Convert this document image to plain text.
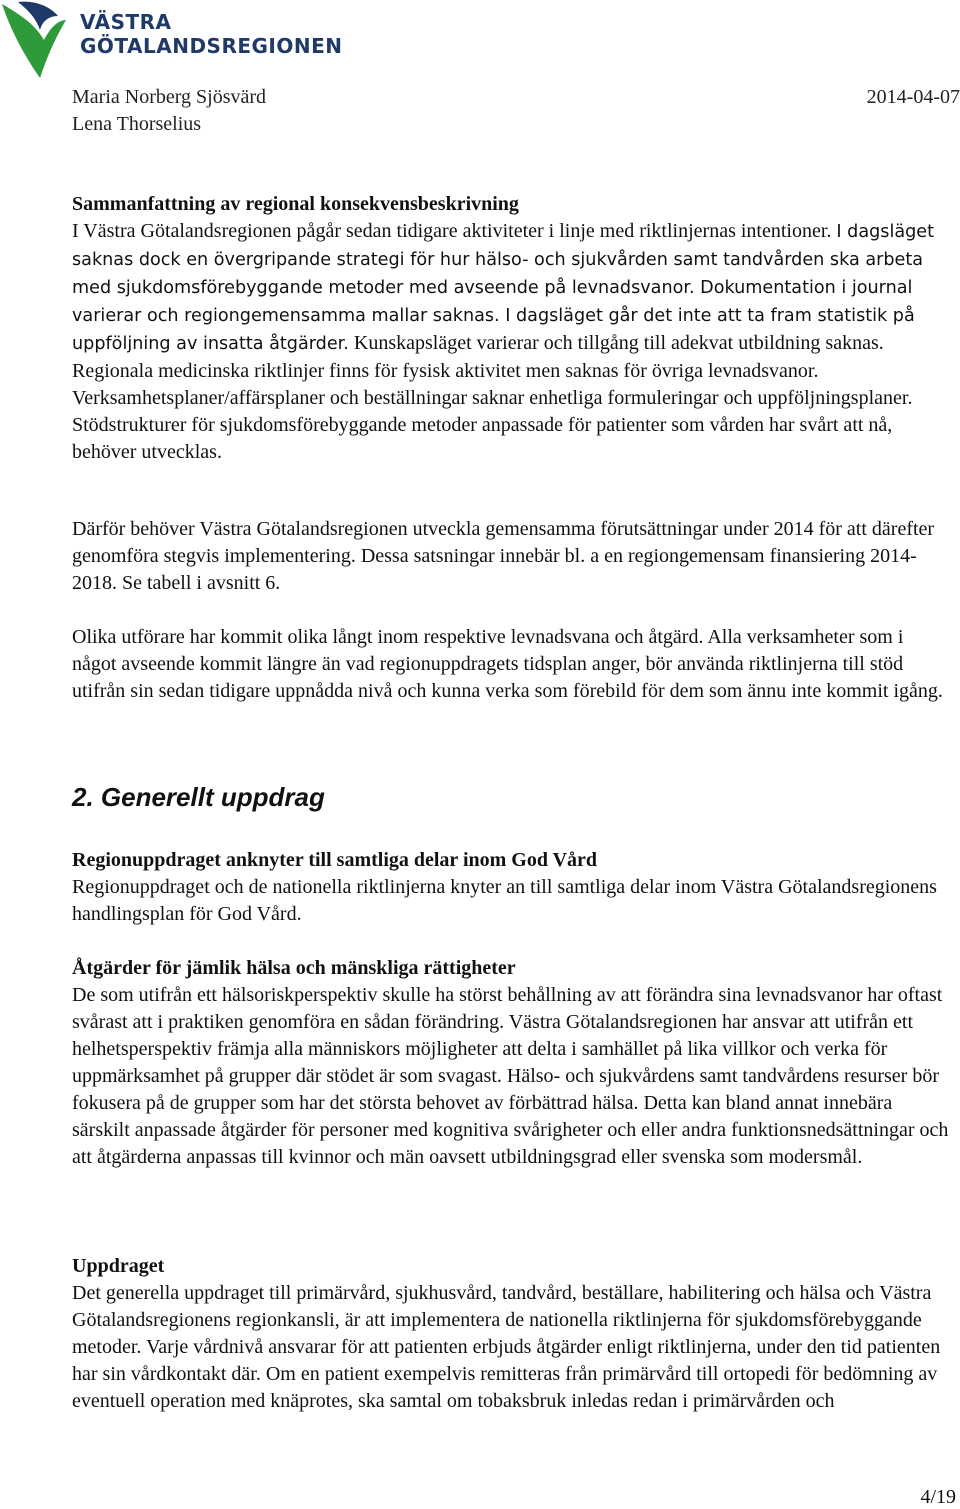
VÄSTRA
GÖTALANDSREGIONEN
Maria Norberg Sjösvärd
Lena Thorselius
2014-04-07

Sammanfattning av regional konsekvensbeskrivning

I Västra Götalandsregionen pågår sedan tidigare aktiviteter i linje med riktlinjernas intentioner. I dagsläget saknas dock en övergripande strategi för hur hälso- och sjukvården samt tandvården ska arbeta med sjukdomsförebyggande metoder med avseende på levnadsvanor. Dokumentation i journal varierar och regiongemensamma mallar saknas. I dagsläget går det inte att ta fram statistik på uppföljning av insatta åtgärder. Kunskapsläget varierar och tillgång till adekvat utbildning saknas. Regionala medicinska riktlinjer finns för fysisk aktivitet men saknas för övriga levnadsvanor. Verksamhetsplaner/affärsplaner och beställningar saknar enhetliga formuleringar och uppföljningsplaner. Stödstrukturer för sjukdomsförebyggande metoder anpassade för patienter som vården har svårt att nå, behöver utvecklas.

Därför behöver Västra Götalandsregionen utveckla gemensamma förutsättningar under 2014 för att därefter genomföra stegvis implementering. Dessa satsningar innebär bl. a en regiongemensam finansiering 2014-2018. Se tabell i avsnitt 6.

Olika utförare har kommit olika långt inom respektive levnadsvana och åtgärd. Alla verksamheter som i något avseende kommit längre än vad regionuppdragets tidsplan anger, bör använda riktlinjerna till stöd utifrån sin sedan tidigare uppnådda nivå och kunna verka som förebild för dem som ännu inte kommit igång.

2. Generellt uppdrag

Regionuppdraget anknyter till samtliga delar inom God Vård

Regionuppdraget och de nationella riktlinjerna knyter an till samtliga delar inom Västra Götalandsregionens handlingsplan för God Vård.

Åtgärder för jämlik hälsa och mänskliga rättigheter

De som utifrån ett hälsoriskperspektiv skulle ha störst behållning av att förändra sina levnadsvanor har oftast svårast att i praktiken genomföra en sådan förändring. Västra Götalandsregionen har ansvar att utifrån ett helhetsperspektiv främja alla människors möjligheter att delta i samhället på lika villkor och verka för uppmärksamhet på grupper där stödet är som svagast. Hälso- och sjukvårdens samt tandvårdens resurser bör fokusera på de grupper som har det största behovet av förbättrad hälsa. Detta kan bland annat innebära särskilt anpassade åtgärder för personer med kognitiva svårigheter och eller andra funktionsnedsättningar och att åtgärderna anpassas till kvinnor och män oavsett utbildningsgrad eller svenska som modersmål.

Uppdraget

Det generella uppdraget till primärvård, sjukhusvård, tandvård, beställare, habilitering och hälsa och Västra Götalandsregionens regionkansli, är att implementera de nationella riktlinjerna för sjukdomsförebyggande metoder. Varje vårdnivå ansvarar för att patienten erbjuds åtgärder enligt riktlinjerna, under den tid patienten har sin vårdkontakt där. Om en patient exempelvis remitteras från primärvård till ortopedi för bedömning av eventuell operation med knäprotes, ska samtal om tobaksbruk inledas redan i primärvården och

4/19
